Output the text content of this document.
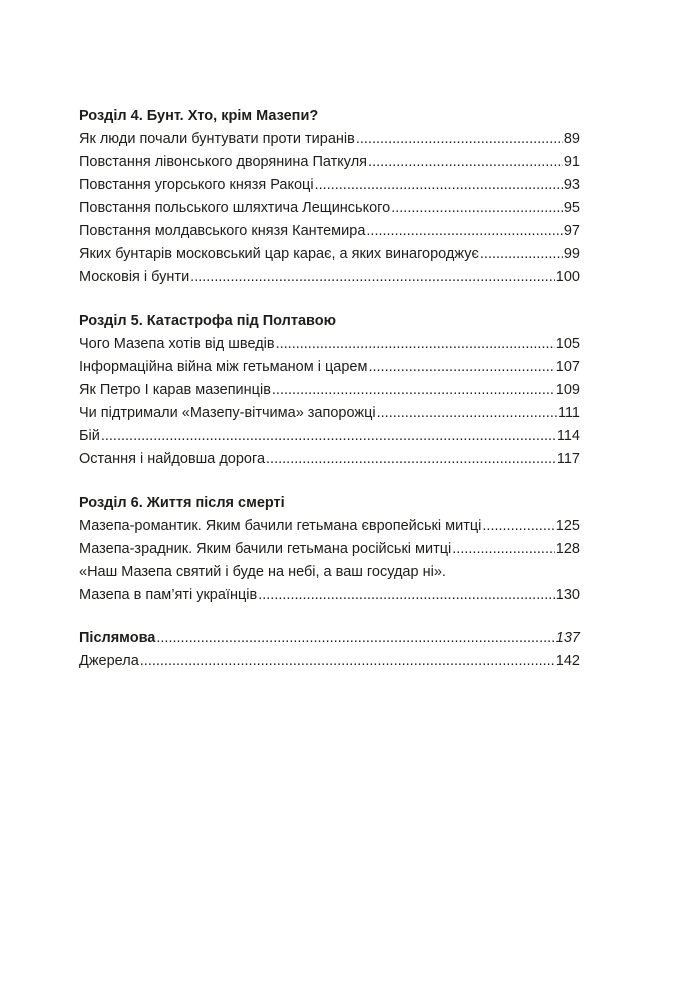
Розділ 4. Бунт. Хто, крім Мазепи?
Як люди почали бунтувати проти тиранів .....	89
Повстання лівонського дворянина Паткуля .....	91
Повстання угорського князя Ракоці .....	93
Повстання польського шляхтича Лещинського .....	95
Повстання молдавського князя Кантемира .....	97
Яких бунтарів московський цар карає, а яких винагороджує .....	99
Московія і бунти .....	100
Розділ 5. Катастрофа під Полтавою
Чого Мазепа хотів від шведів .....	105
Інформаційна війна між гетьманом і царем .....	107
Як Петро І карав мазепинців .....	109
Чи підтримали «Мазепу-вітчима» запорожці .....	111
Бій .....	114
Остання і найдовша дорога .....	117
Розділ 6. Життя після смерті
Мазепа-романтик. Яким бачили гетьмана європейські митці .....	125
Мазепа-зрадник. Яким бачили гетьмана російські митці .....	128
«Наш Мазепа святий і буде на небі, а ваш государ ні».
Мазепа в пам’яті українців .....	130
Післямова .....	137
Джерела .....	142
